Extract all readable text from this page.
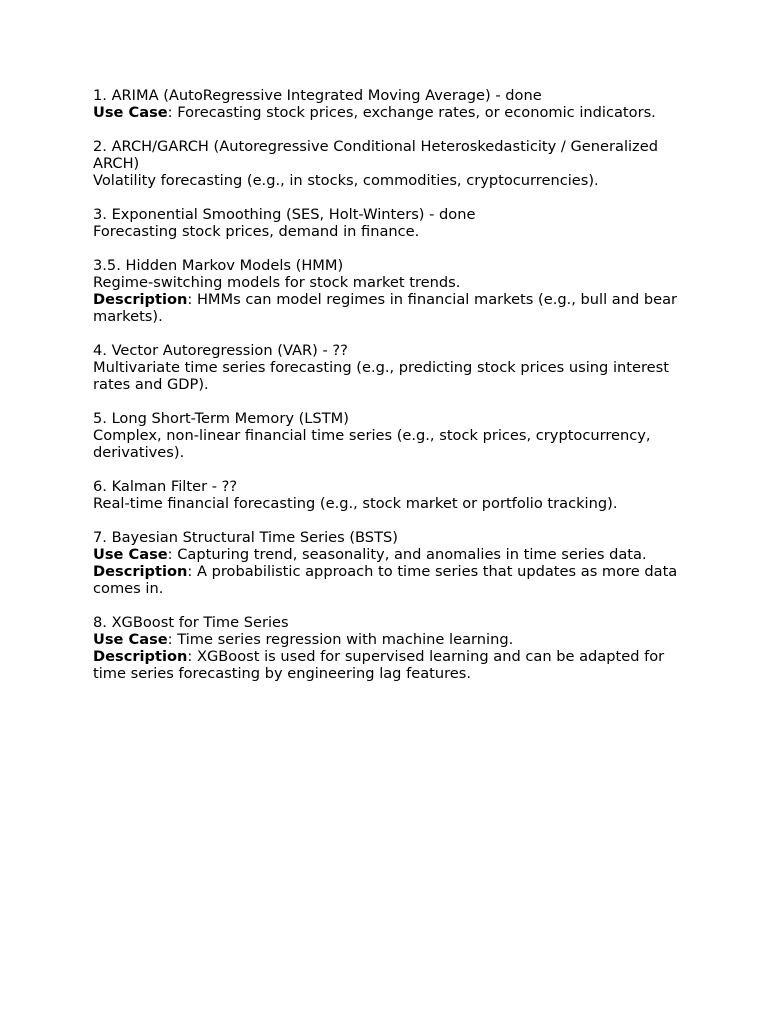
1. ARIMA (AutoRegressive Integrated Moving Average) - done
Use Case: Forecasting stock prices, exchange rates, or economic indicators.
2. ARCH/GARCH (Autoregressive Conditional Heteroskedasticity / Generalized ARCH)
Volatility forecasting (e.g., in stocks, commodities, cryptocurrencies).
3. Exponential Smoothing (SES, Holt-Winters) - done
Forecasting stock prices, demand in finance.
3.5. Hidden Markov Models (HMM)
Regime-switching models for stock market trends.
Description: HMMs can model regimes in financial markets (e.g., bull and bear markets).
4. Vector Autoregression (VAR) - ??
Multivariate time series forecasting (e.g., predicting stock prices using interest rates and GDP).
5. Long Short-Term Memory (LSTM)
Complex, non-linear financial time series (e.g., stock prices, cryptocurrency, derivatives).
6. Kalman Filter - ??
Real-time financial forecasting (e.g., stock market or portfolio tracking).
7. Bayesian Structural Time Series (BSTS)
Use Case: Capturing trend, seasonality, and anomalies in time series data.
Description: A probabilistic approach to time series that updates as more data comes in.
8. XGBoost for Time Series
Use Case: Time series regression with machine learning.
Description: XGBoost is used for supervised learning and can be adapted for time series forecasting by engineering lag features.
